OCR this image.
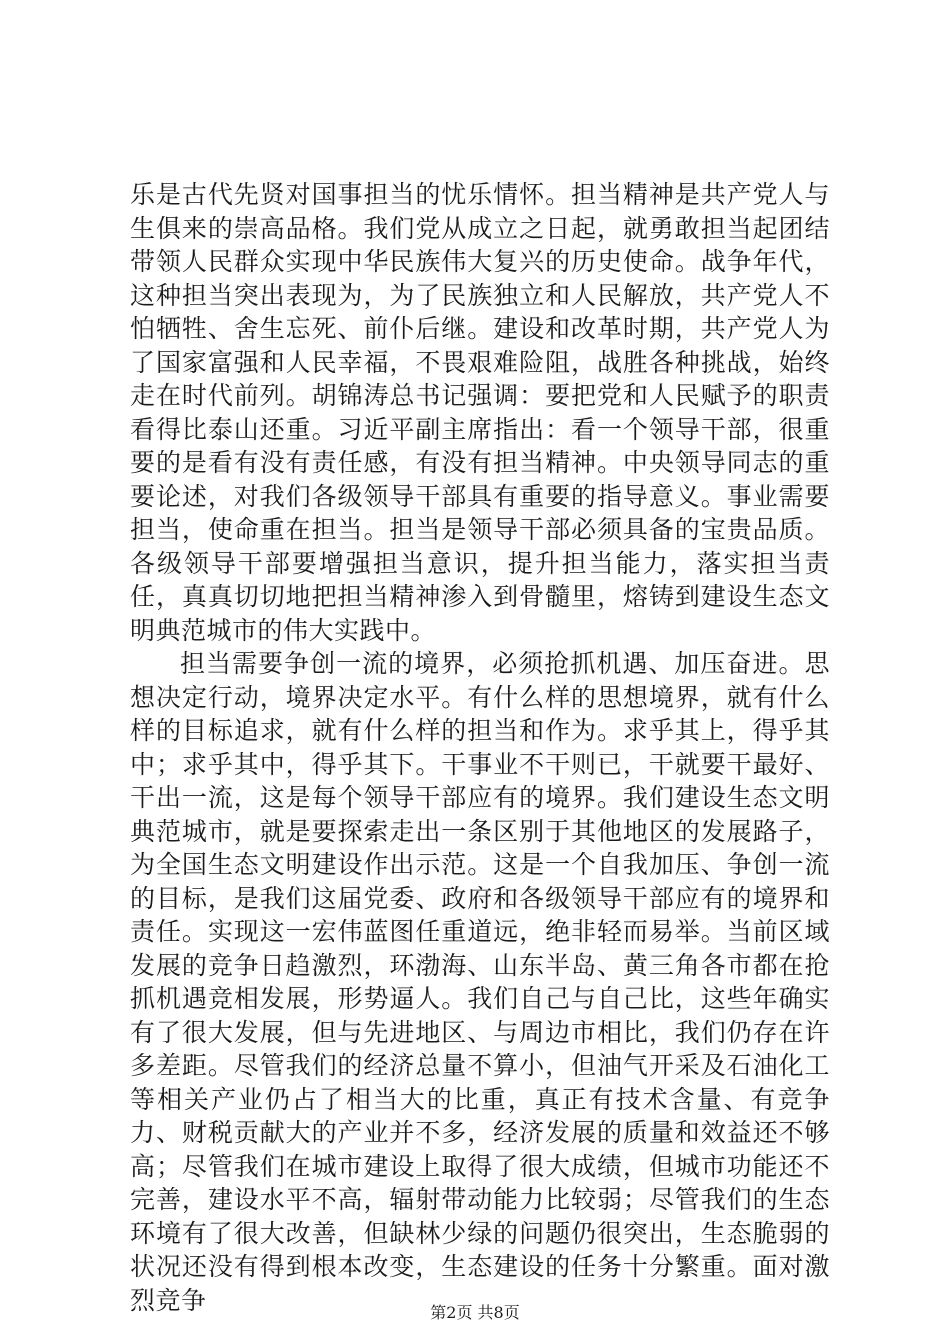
乐是古代先贤对国事担当的忧乐情怀。担当精神是共产党人与生俱来的崇高品格。我们党从成立之日起，就勇敢担当起团结带领人民群众实现中华民族伟大复兴的历史使命。战争年代，这种担当突出表现为，为了民族独立和人民解放，共产党人不怕牺牲、舍生忘死、前仆后继。建设和改革时期，共产党人为了国家富强和人民幸福，不畏艰难险阻，战胜各种挑战，始终走在时代前列。胡锦涛总书记强调：要把党和人民赋予的职责看得比泰山还重。习近平副主席指出：看一个领导干部，很重要的是看有没有责任感，有没有担当精神。中央领导同志的重要论述，对我们各级领导干部具有重要的指导意义。事业需要担当，使命重在担当。担当是领导干部必须具备的宝贵品质。各级领导干部要增强担当意识，提升担当能力，落实担当责任，真真切切地把担当精神渗入到骨髓里，熔铸到建设生态文明典范城市的伟大实践中。

担当需要争创一流的境界，必须抢抓机遇、加压奋进。思想决定行动，境界决定水平。有什么样的思想境界，就有什么样的目标追求，就有什么样的担当和作为。求乎其上，得乎其中；求乎其中，得乎其下。干事业不干则已，干就要干最好、干出一流，这是每个领导干部应有的境界。我们建设生态文明典范城市，就是要探索走出一条区别于其他地区的发展路子，为全国生态文明建设作出示范。这是一个自我加压、争创一流的目标，是我们这届党委、政府和各级领导干部应有的境界和责任。实现这一宏伟蓝图任重道远，绝非轻而易举。当前区域发展的竞争日趋激烈，环渤海、山东半岛、黄三角各市都在抢抓机遇竞相发展，形势逼人。我们自己与自己比，这些年确实有了很大发展，但与先进地区、与周边市相比，我们仍存在许多差距。尽管我们的经济总量不算小，但油气开采及石油化工等相关产业仍占了相当大的比重，真正有技术含量、有竞争力、财税贡献大的产业并不多，经济发展的质量和效益还不够高；尽管我们在城市建设上取得了很大成绩，但城市功能还不完善，建设水平不高，辐射带动能力比较弱；尽管我们的生态环境有了很大改善，但缺林少绿的问题仍很突出，生态脆弱的状况还没有得到根本改变，生态建设的任务十分繁重。面对激烈竞争	第2页 共8页
